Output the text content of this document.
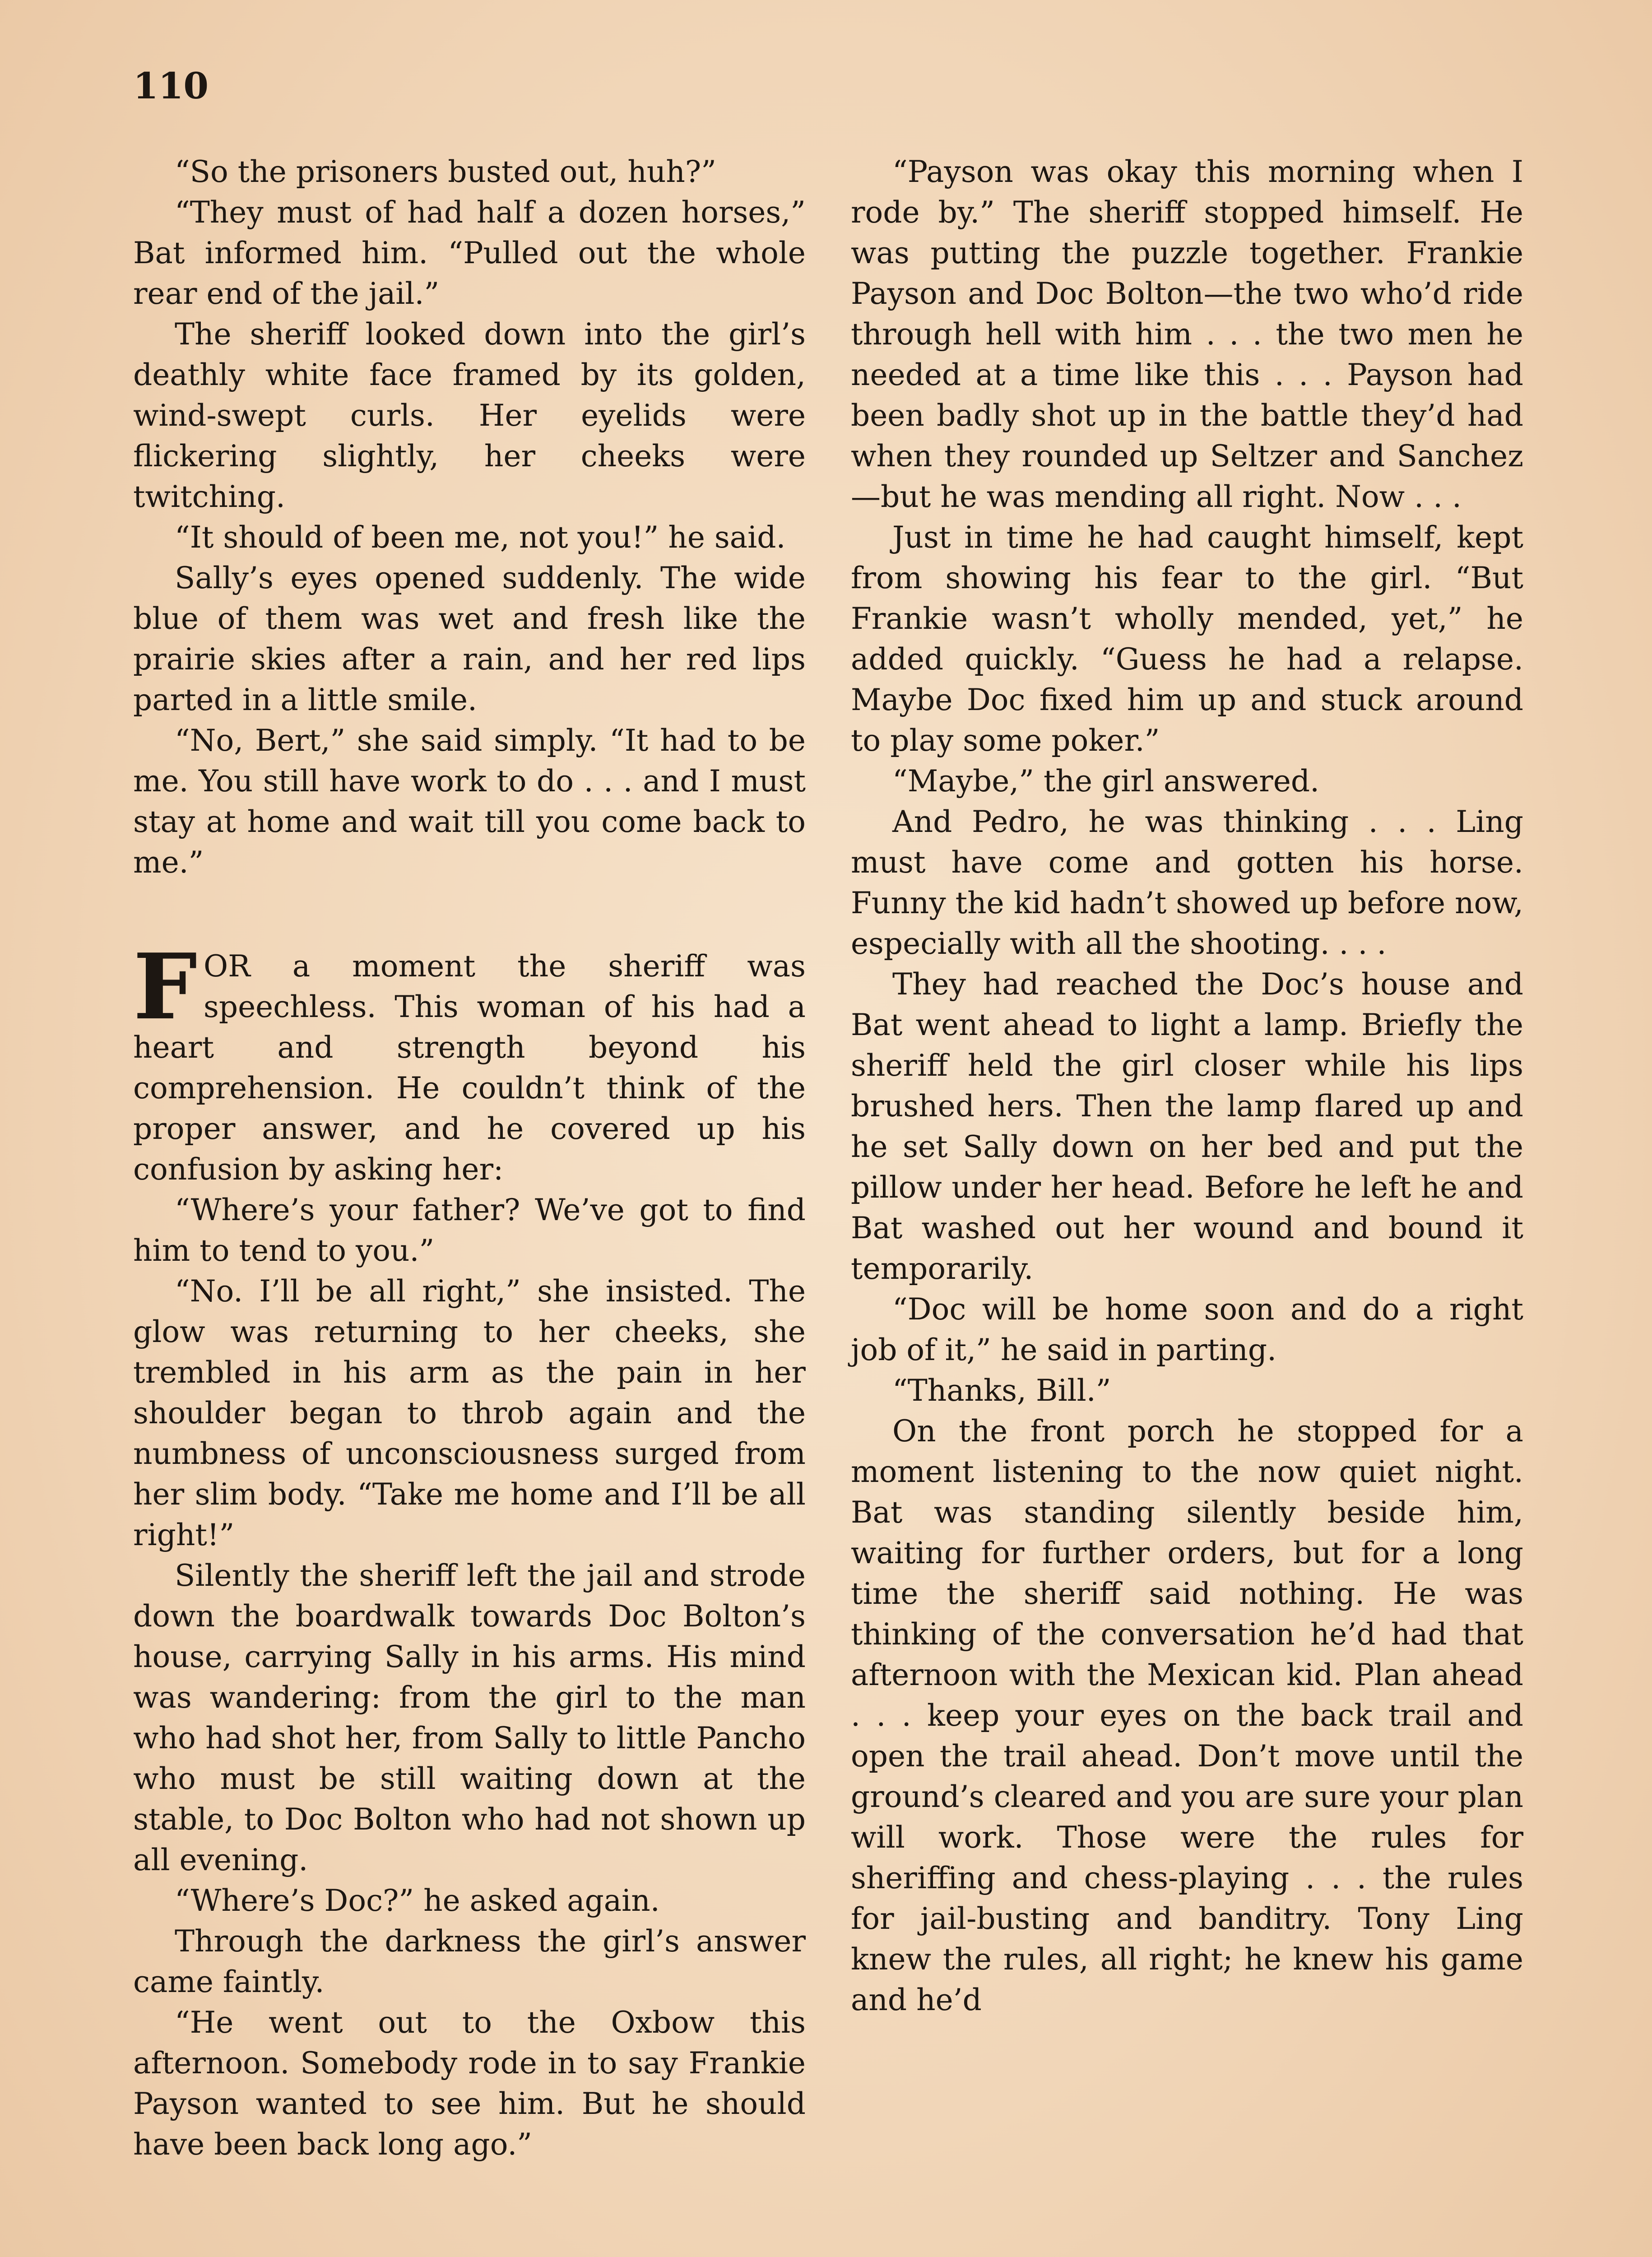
110

“So the prisoners busted out, huh?”

“They must of had half a dozen horses,” Bat informed him. “Pulled out the whole rear end of the jail.”

The sheriff looked down into the girl’s deathly white face framed by its golden, wind-swept curls. Her eyelids were flickering slightly, her cheeks were twitching.

“It should of been me, not you!” he said.

Sally’s eyes opened suddenly. The wide blue of them was wet and fresh like the prairie skies after a rain, and her red lips parted in a little smile.

“No, Bert,” she said simply. “It had to be me. You still have work to do . . . and I must stay at home and wait till you come back to me.”

FOR a moment the sheriff was speechless. This woman of his had a heart and strength beyond his comprehension. He couldn’t think of the proper answer, and he covered up his confusion by asking her:

“Where’s your father? We’ve got to find him to tend to you.”

“No. I’ll be all right,” she insisted. The glow was returning to her cheeks, she trembled in his arm as the pain in her shoulder began to throb again and the numbness of unconsciousness surged from her slim body. “Take me home and I’ll be all right!”

Silently the sheriff left the jail and strode down the boardwalk towards Doc Bolton’s house, carrying Sally in his arms. His mind was wandering: from the girl to the man who had shot her, from Sally to little Pancho who must be still waiting down at the stable, to Doc Bolton who had not shown up all evening.

“Where’s Doc?” he asked again.

Through the darkness the girl’s answer came faintly.

“He went out to the Oxbow this afternoon. Somebody rode in to say Frankie Payson wanted to see him. But he should have been back long ago.”

“Payson was okay this morning when I rode by.” The sheriff stopped himself. He was putting the puzzle together. Frankie Payson and Doc Bolton—the two who’d ride through hell with him . . . the two men he needed at a time like this . . . Payson had been badly shot up in the battle they’d had when they rounded up Seltzer and Sanchez—but he was mending all right. Now . . .

Just in time he had caught himself, kept from showing his fear to the girl. “But Frankie wasn’t wholly mended, yet,” he added quickly. “Guess he had a relapse. Maybe Doc fixed him up and stuck around to play some poker.”

“Maybe,” the girl answered.

And Pedro, he was thinking . . . Ling must have come and gotten his horse. Funny the kid hadn’t showed up before now, especially with all the shooting. . . .

They had reached the Doc’s house and Bat went ahead to light a lamp. Briefly the sheriff held the girl closer while his lips brushed hers. Then the lamp flared up and he set Sally down on her bed and put the pillow under her head. Before he left he and Bat washed out her wound and bound it temporarily.

“Doc will be home soon and do a right job of it,” he said in parting.

“Thanks, Bill.”

On the front porch he stopped for a moment listening to the now quiet night. Bat was standing silently beside him, waiting for further orders, but for a long time the sheriff said nothing. He was thinking of the conversation he’d had that afternoon with the Mexican kid. Plan ahead . . . keep your eyes on the back trail and open the trail ahead. Don’t move until the ground’s cleared and you are sure your plan will work. Those were the rules for sheriffing and chess-playing . . . the rules for jail-busting and banditry. Tony Ling knew the rules, all right; he knew his game and he’d
